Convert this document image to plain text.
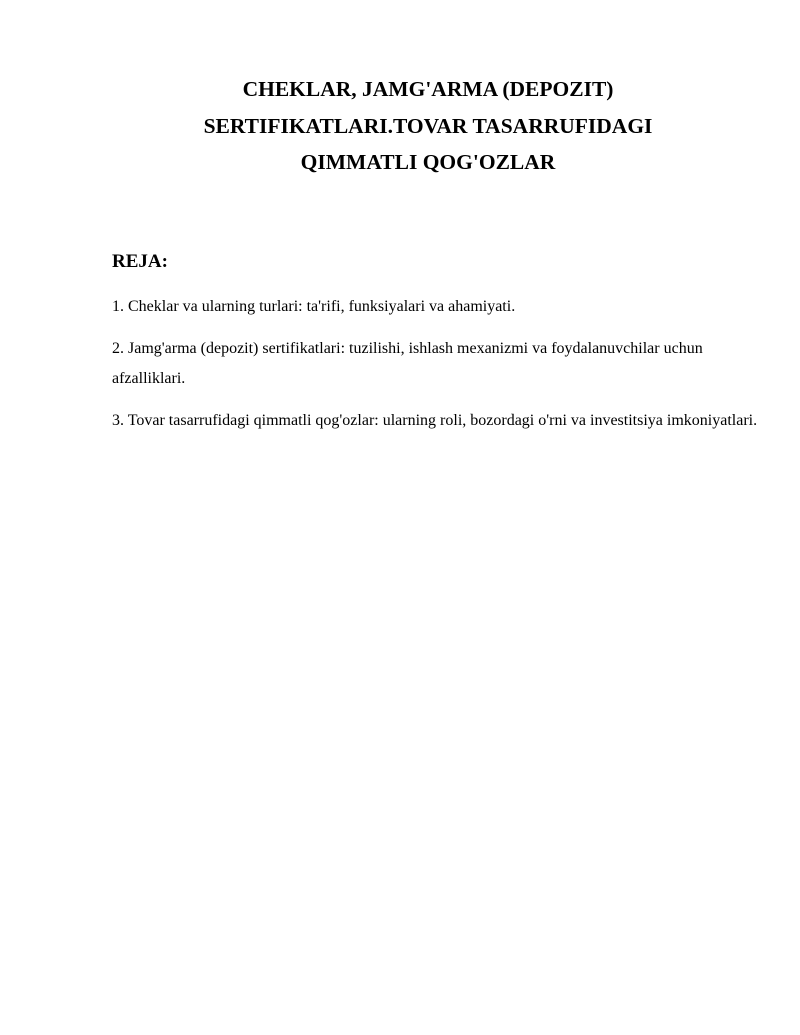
CHEKLAR, JAMG'ARMA (DEPOZIT)
SERTIFIKATLARI.TOVAR TASARRUFIDAGI
QIMMATLI QOG'OZLAR
REJA:
1. Cheklar va ularning turlari: ta'rifi, funksiyalari va ahamiyati.
2. Jamg'arma (depozit) sertifikatlari: tuzilishi, ishlash mexanizmi va foydalanuvchilar uchun afzalliklari.
3. Tovar tasarrufidagi qimmatli qog'ozlar: ularning roli, bozordagi o'rni va investitsiya imkoniyatlari.
